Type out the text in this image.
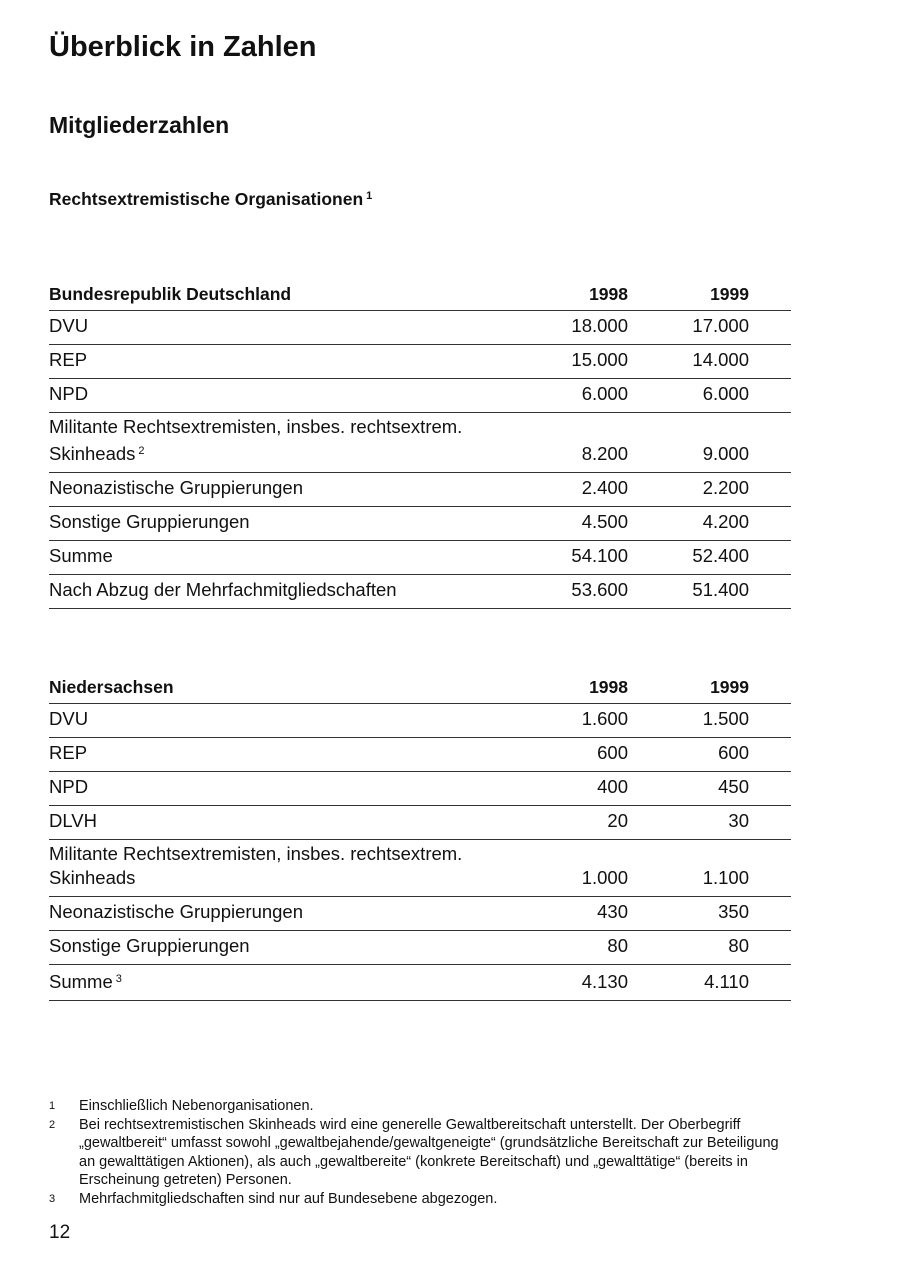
Überblick in Zahlen
Mitgliederzahlen
Rechtsextremistische Organisationen $^1$
Bundesrepublik Deutschland	1998	1999	
DVU	18.000	17.000	
REP	15.000	14.000	
NPD	6.000	6.000	
Militante Rechtsextremisten, insbes. rechtsextrem.
Skinheads $^2$	8.200	9.000	
Neonazistische Gruppierungen	2.400	2.200	
Sonstige Gruppierungen	4.500	4.200	
Summe	54.100	52.400	
Nach Abzug der Mehrfachmitgliedschaften	53.600	51.400	
Niedersachsen	1998	1999	
DVU	1.600	1.500	
REP	600	600	
NPD	400	450	
DLVH	20	30	
Militante Rechtsextremisten, insbes. rechtsextrem.
Skinheads	1.000	1.100	
Neonazistische Gruppierungen	430	350	
Sonstige Gruppierungen	80	80	
Summe $^3$	4.130	4.110	
1	Einschließlich Nebenorganisationen.
2	Bei rechtsextremistischen Skinheads wird eine generelle Gewaltbereitschaft unterstellt. Der Oberbegriff „gewaltbereit“ umfasst sowohl „gewaltbejahende/gewaltgeneigte“ (grundsätzliche Bereitschaft zur Beteiligung an gewalttätigen Aktionen), als auch „gewaltbereite“ (konkrete Bereitschaft) und „gewalttätige“ (bereits in Erscheinung getreten) Personen.
3	Mehrfachmitgliedschaften sind nur auf Bundesebene abgezogen.
12
